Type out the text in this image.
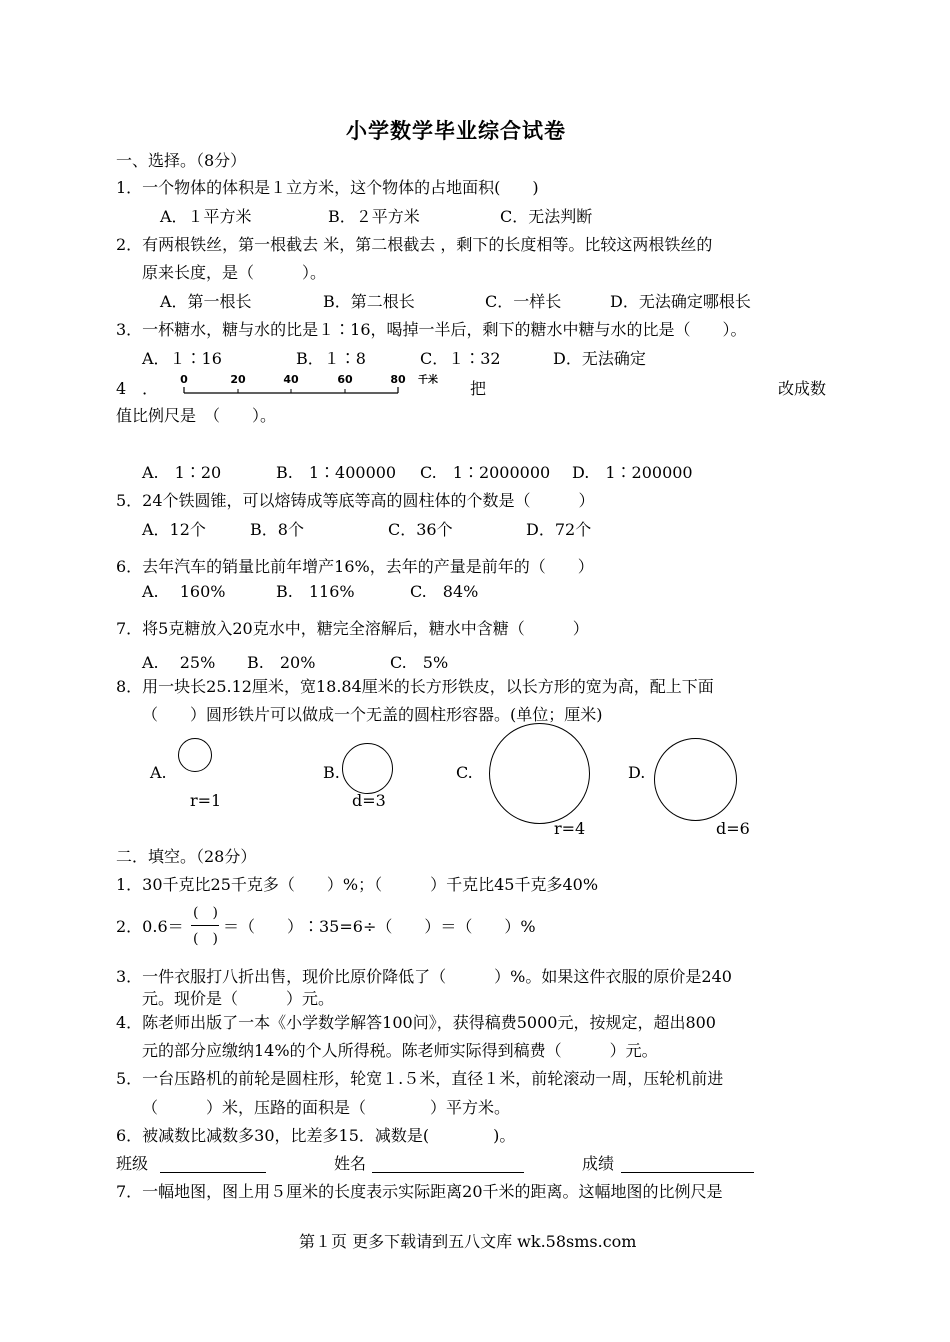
小学数学毕业综合试卷
一、选择。（8分）
1．一个物体的体积是１立方米，这个物体的占地面积(　　)
A．１平方米	B．２平方米	C．无法判断
2．有两根铁丝，第一根截去 米，第二根截去 ，剩下的长度相等。比较这两根铁丝的
原来长度，是（　　　）。
A．第一根长	B．第二根长	C．一样长	D．无法确定哪根长
3．一杯糖水，糖与水的比是１∶16，喝掉一半后，剩下的糖水中糖与水的比是（　　）。
A．１∶16	B．１∶8	C．１∶32	D．无法确定
4　． 0	20	40	60	80 千米 把	改成数
值比例尺是　（　　）。
A.　1∶20	B.　1∶400000 C.　1∶2000000 D.　1∶200000
5．24个铁圆锥，可以熔铸成等底等高的圆柱体的个数是（　　　）
A．12个	B．8个	C．36个	D．72个
6．去年汽车的销量比前年增产16%，去年的产量是前年的（　　）
A.　 160%	B.　116%	C.　84%
7．将5克糖放入20克水中，糖完全溶解后，糖水中含糖（　　　）
A.　 25% B.　20%	C.　5%
8．用一块长25.12厘米，宽18.84厘米的长方形铁皮，以长方形的宽为高，配上下面
（　　）圆形铁片可以做成一个无盖的圆柱形容器。(单位；厘米)
A.
r=1
B.
d=3
C.
r=4
D.
d=6
二．填空。（28分）
1．30千克比25千克多（　　）%；（　　　）千克比45千克多40%
2．0.6＝
(　)
(　)
＝（　　）∶35=6÷（　　）＝（　　）%
3．一件衣服打八折出售，现价比原价降低了（　　　）%。如果这件衣服的原价是240
元。现价是（　　　）元。
4．陈老师出版了一本《小学数学解答100问》，获得稿费5000元，按规定，超出800
元的部分应缴纳14%的个人所得税。陈老师实际得到稿费（　　　）元。
5．一台压路机的前轮是圆柱形，轮宽１.５米，直径１米，前轮滚动一周，压轮机前进
（　　　）米，压路的面积是（　　　　）平方米。
6．被减数比减数多30，比差多15．减数是(　　　　)。
班级	姓名	成绩
7．一幅地图，图上用５厘米的长度表示实际距离20千米的距离。这幅地图的比例尺是
第１页 更多下载请到五八文库 wk.58sms.com
